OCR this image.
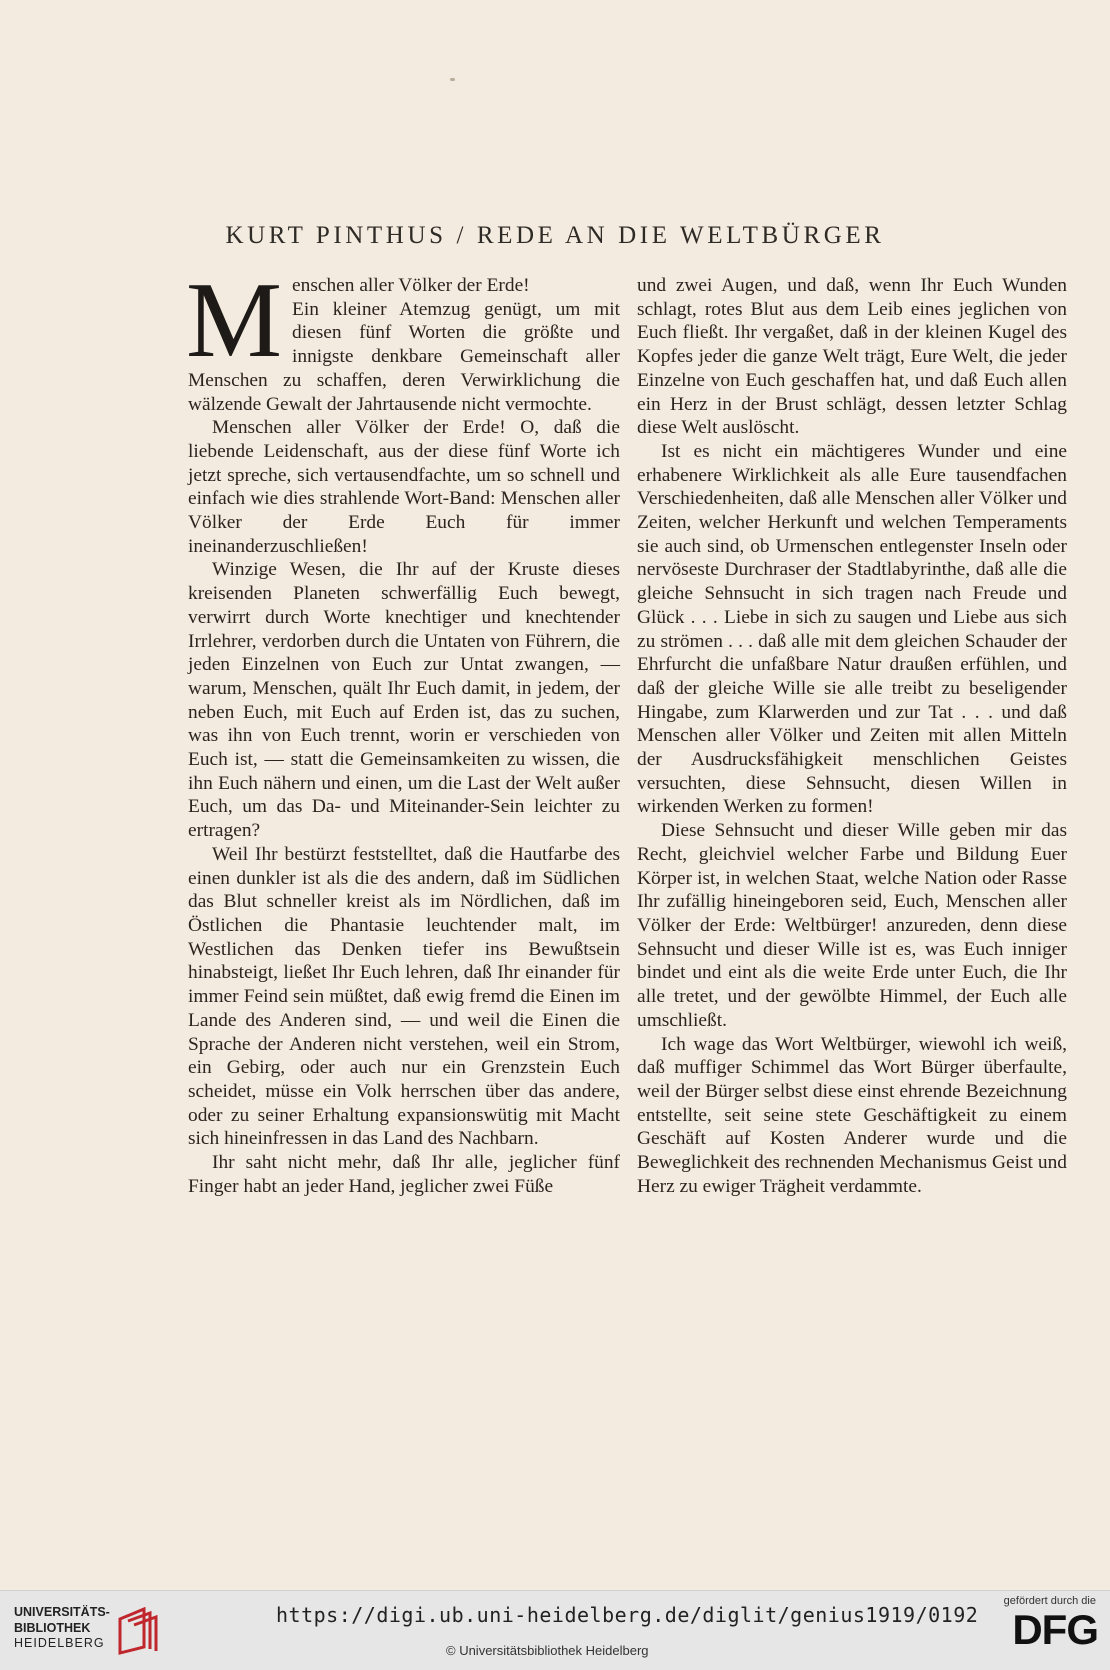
KURT PINTHUS / REDE AN DIE WELTBÜRGER

Menschen aller Völker der Erde!
Ein kleiner Atemzug genügt, um mit diesen fünf Worten die größte und innigste denkbare Gemeinschaft aller Menschen zu schaffen, deren Verwirklichung die wälzende Gewalt der Jahrtausende nicht vermochte.

Menschen aller Völker der Erde! O, daß die liebende Leidenschaft, aus der diese fünf Worte ich jetzt spreche, sich vertausendfachte, um so schnell und einfach wie dies strahlende Wort-Band: Menschen aller Völker der Erde Euch für immer ineinanderzuschließen!

Winzige Wesen, die Ihr auf der Kruste dieses kreisenden Planeten schwerfällig Euch bewegt, verwirrt durch Worte knechtiger und knechtender Irrlehrer, verdorben durch die Untaten von Führern, die jeden Einzelnen von Euch zur Untat zwangen, — warum, Menschen, quält Ihr Euch damit, in jedem, der neben Euch, mit Euch auf Erden ist, das zu suchen, was ihn von Euch trennt, worin er verschieden von Euch ist, — statt die Gemeinsamkeiten zu wissen, die ihn Euch nähern und einen, um die Last der Welt außer Euch, um das Da- und Miteinander-Sein leichter zu ertragen?

Weil Ihr bestürzt feststelltet, daß die Hautfarbe des einen dunkler ist als die des andern, daß im Südlichen das Blut schneller kreist als im Nördlichen, daß im Östlichen die Phantasie leuchtender malt, im Westlichen das Denken tiefer ins Bewußtsein hinabsteigt, ließet Ihr Euch lehren, daß Ihr einander für immer Feind sein müßtet, daß ewig fremd die Einen im Lande des Anderen sind, — und weil die Einen die Sprache der Anderen nicht verstehen, weil ein Strom, ein Gebirg, oder auch nur ein Grenzstein Euch scheidet, müsse ein Volk herrschen über das andere, oder zu seiner Erhaltung expansionswütig mit Macht sich hineinfressen in das Land des Nachbarn.

Ihr saht nicht mehr, daß Ihr alle, jeglicher fünf Finger habt an jeder Hand, jeglicher zwei Füße

und zwei Augen, und daß, wenn Ihr Euch Wunden schlagt, rotes Blut aus dem Leib eines jeglichen von Euch fließt. Ihr vergaßet, daß in der kleinen Kugel des Kopfes jeder die ganze Welt trägt, Eure Welt, die jeder Einzelne von Euch geschaffen hat, und daß Euch allen ein Herz in der Brust schlägt, dessen letzter Schlag diese Welt auslöscht.

Ist es nicht ein mächtigeres Wunder und eine erhabenere Wirklichkeit als alle Eure tausendfachen Verschiedenheiten, daß alle Menschen aller Völker und Zeiten, welcher Herkunft und welchen Temperaments sie auch sind, ob Urmenschen entlegenster Inseln oder nervöseste Durchraser der Stadtlabyrinthe, daß alle die gleiche Sehnsucht in sich tragen nach Freude und Glück . . . Liebe in sich zu saugen und Liebe aus sich zu strömen . . . daß alle mit dem gleichen Schauder der Ehrfurcht die unfaßbare Natur draußen erfühlen, und daß der gleiche Wille sie alle treibt zu beseligender Hingabe, zum Klarwerden und zur Tat . . . und daß Menschen aller Völker und Zeiten mit allen Mitteln der Ausdrucksfähigkeit menschlichen Geistes versuchten, diese Sehnsucht, diesen Willen in wirkenden Werken zu formen!

Diese Sehnsucht und dieser Wille geben mir das Recht, gleichviel welcher Farbe und Bildung Euer Körper ist, in welchen Staat, welche Nation oder Rasse Ihr zufällig hineingeboren seid, Euch, Menschen aller Völker der Erde: Weltbürger! anzureden, denn diese Sehnsucht und dieser Wille ist es, was Euch inniger bindet und eint als die weite Erde unter Euch, die Ihr alle tretet, und der gewölbte Himmel, der Euch alle umschließt.

Ich wage das Wort Weltbürger, wiewohl ich weiß, daß muffiger Schimmel das Wort Bürger überfaulte, weil der Bürger selbst diese einst ehrende Bezeichnung entstellte, seit seine stete Geschäftigkeit zu einem Geschäft auf Kosten Anderer wurde und die Beweglichkeit des rechnenden Mechanismus Geist und Herz zu ewiger Trägheit verdammte.

UNIVERSITÄTS-
BIBLIOTHEK
HEIDELBERG
https://digi.ub.uni-heidelberg.de/diglit/genius1919/0192
© Universitätsbibliothek Heidelberg
gefördert durch die
DFG
